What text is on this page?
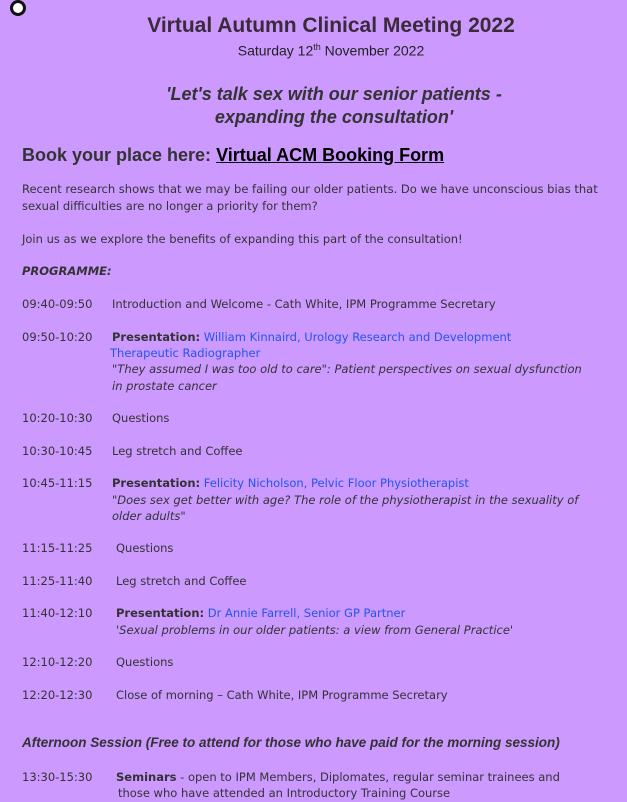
Virtual Autumn Clinical Meeting 2022
Saturday 12th November 2022
'Let's talk sex with our senior patients -
expanding the consultation'
Book your place here: Virtual ACM Booking Form
Recent research shows that we may be failing our older patients. Do we have unconscious bias that sexual difficulties are no longer a priority for them?
Join us as we explore the benefits of expanding this part of the consultation!
PROGRAMME:
09:40-09:50 Introduction and Welcome - Cath White, IPM Programme Secretary
09:50-10:20 Presentation: William Kinnaird, Urology Research and Development
Therapeutic Radiographer
"They assumed I was too old to care": Patient perspectives on sexual dysfunction
in prostate cancer
10:20-10:30 Questions
10:30-10:45 Leg stretch and Coffee
10:45-11:15 Presentation: Felicity Nicholson, Pelvic Floor Physiotherapist
"Does sex get better with age? The role of the physiotherapist in the sexuality of
older adults"
11:15-11:25 Questions
11:25-11:40 Leg stretch and Coffee
11:40-12:10 Presentation: Dr Annie Farrell, Senior GP Partner
'Sexual problems in our older patients: a view from General Practice'
12:10-12:20 Questions
12:20-12:30 Close of morning – Cath White, IPM Programme Secretary
Afternoon Session (Free to attend for those who have paid for the morning session)
13:30-15:30 Seminars - open to IPM Members, Diplomates, regular seminar trainees and
those who have attended an Introductory Training Course
